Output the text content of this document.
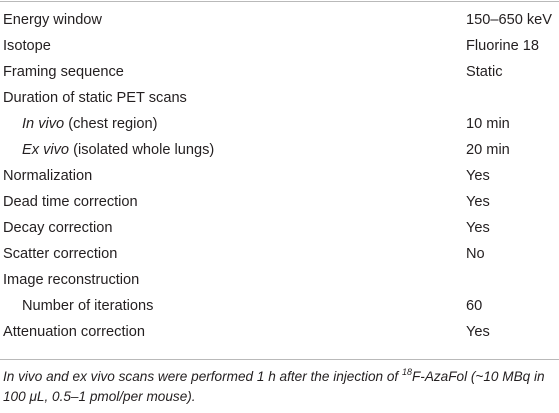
Energy window	150–650 keV
Isotope	Fluorine 18
Framing sequence	Static
Duration of static PET scans
In vivo (chest region)	10 min
Ex vivo (isolated whole lungs)	20 min
Normalization	Yes
Dead time correction	Yes
Decay correction	Yes
Scatter correction	No
Image reconstruction
Number of iterations	60
Attenuation correction	Yes
In vivo and ex vivo scans were performed 1 h after the injection of $^{18}$F-AzaFol (~10 MBq in 100 μL, 0.5–1 pmol/per mouse).
